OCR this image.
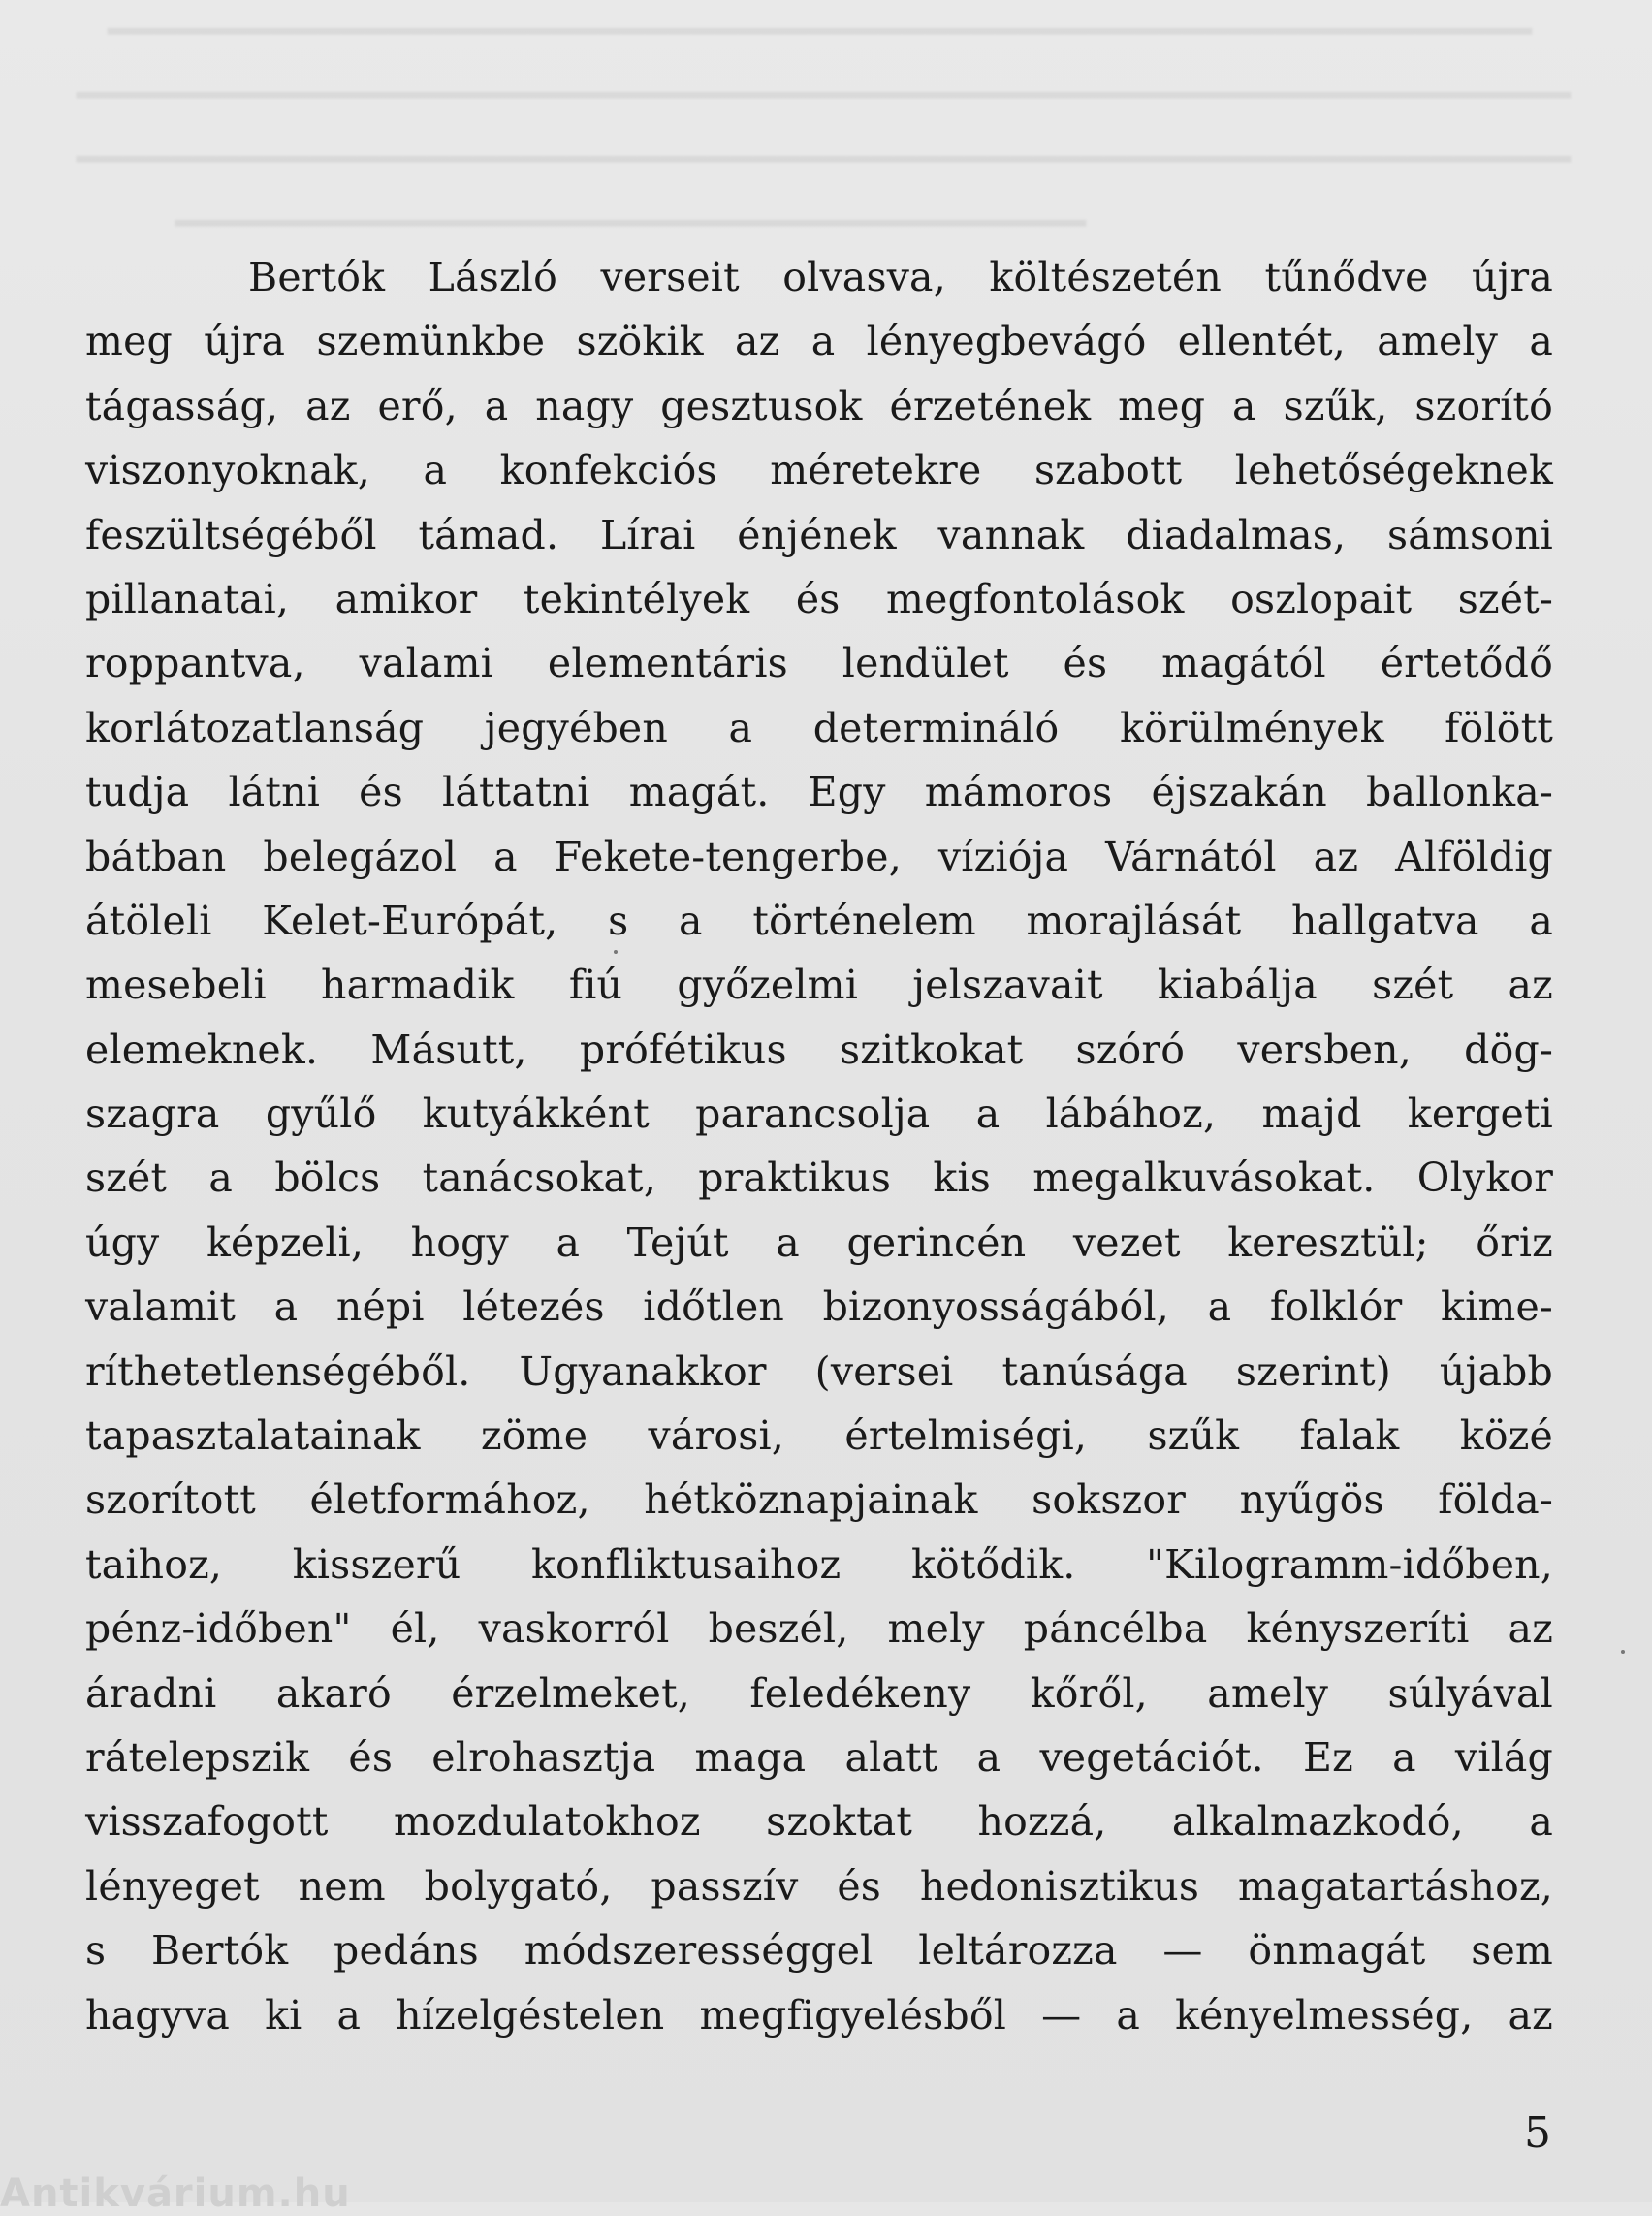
━━━━━━━━━━━━━━━━━━━━━━━━━━━━━━━━━━━━━━━━━━━━━━━━━━━━━━━━━━━━━
━━━━━━━━━━━━━━━━━━━━━━━━━━━━━━━━━━━━━━━━━━━━━━━━━━━━━━━━━━━━━━━━
━━━━━━━━━━━━━━━━━━━━━━━━━━━━━━━━━━━━━━━━━━━━━━━━━━━━━━━━━━━━━━━━
━━━━━━━━━━━━━━━━━━━━━━━━━━━━━━━━━━━━━━━
Bertók László verseit olvasva, költészetén tűnődve újra
meg újra szemünkbe szökik az a lényegbevágó ellentét, amely a
tágasság, az erő, a nagy gesztusok érzetének meg a szűk, szorító
viszonyoknak, a konfekciós méretekre szabott lehetőségeknek
feszültségéből támad. Lírai énjének vannak diadalmas, sámsoni
pillanatai, amikor tekintélyek és megfontolások oszlopait szét-
roppantva, valami elementáris lendület és magától értetődő
korlátozatlanság jegyében a determináló körülmények fölött
tudja látni és láttatni magát. Egy mámoros éjszakán ballonka-
bátban belegázol a Fekete-tengerbe, víziója Várnától az Alföldig
átöleli Kelet-Európát, s a történelem morajlását hallgatva a
mesebeli harmadik fiú győzelmi jelszavait kiabálja szét az
elemeknek. Másutt, prófétikus szitkokat szóró versben, dög-
szagra gyűlő kutyákként parancsolja a lábához, majd kergeti
szét a bölcs tanácsokat, praktikus kis megalkuvásokat. Olykor
úgy képzeli, hogy a Tejút a gerincén vezet keresztül; őriz
valamit a népi létezés időtlen bizonyosságából, a folklór kime-
ríthetetlenségéből. Ugyanakkor (versei tanúsága szerint) újabb
tapasztalatainak zöme városi, értelmiségi, szűk falak közé
szorított életformához, hétköznapjainak sokszor nyűgös földa-
taihoz, kisszerű konfliktusaihoz kötődik. "Kilogramm-időben,
pénz-időben" él, vaskorról beszél, mely páncélba kényszeríti az
áradni akaró érzelmeket, feledékeny kőről, amely súlyával
rátelepszik és elrohasztja maga alatt a vegetációt. Ez a világ
visszafogott mozdulatokhoz szoktat hozzá, alkalmazkodó, a
lényeget nem bolygató, passzív és hedonisztikus magatartáshoz,
s Bertók pedáns módszerességgel leltározza — önmagát sem
hagyva ki a hízelgéstelen megfigyelésből — a kényelmesség, az
5
Antikvárium.hu
